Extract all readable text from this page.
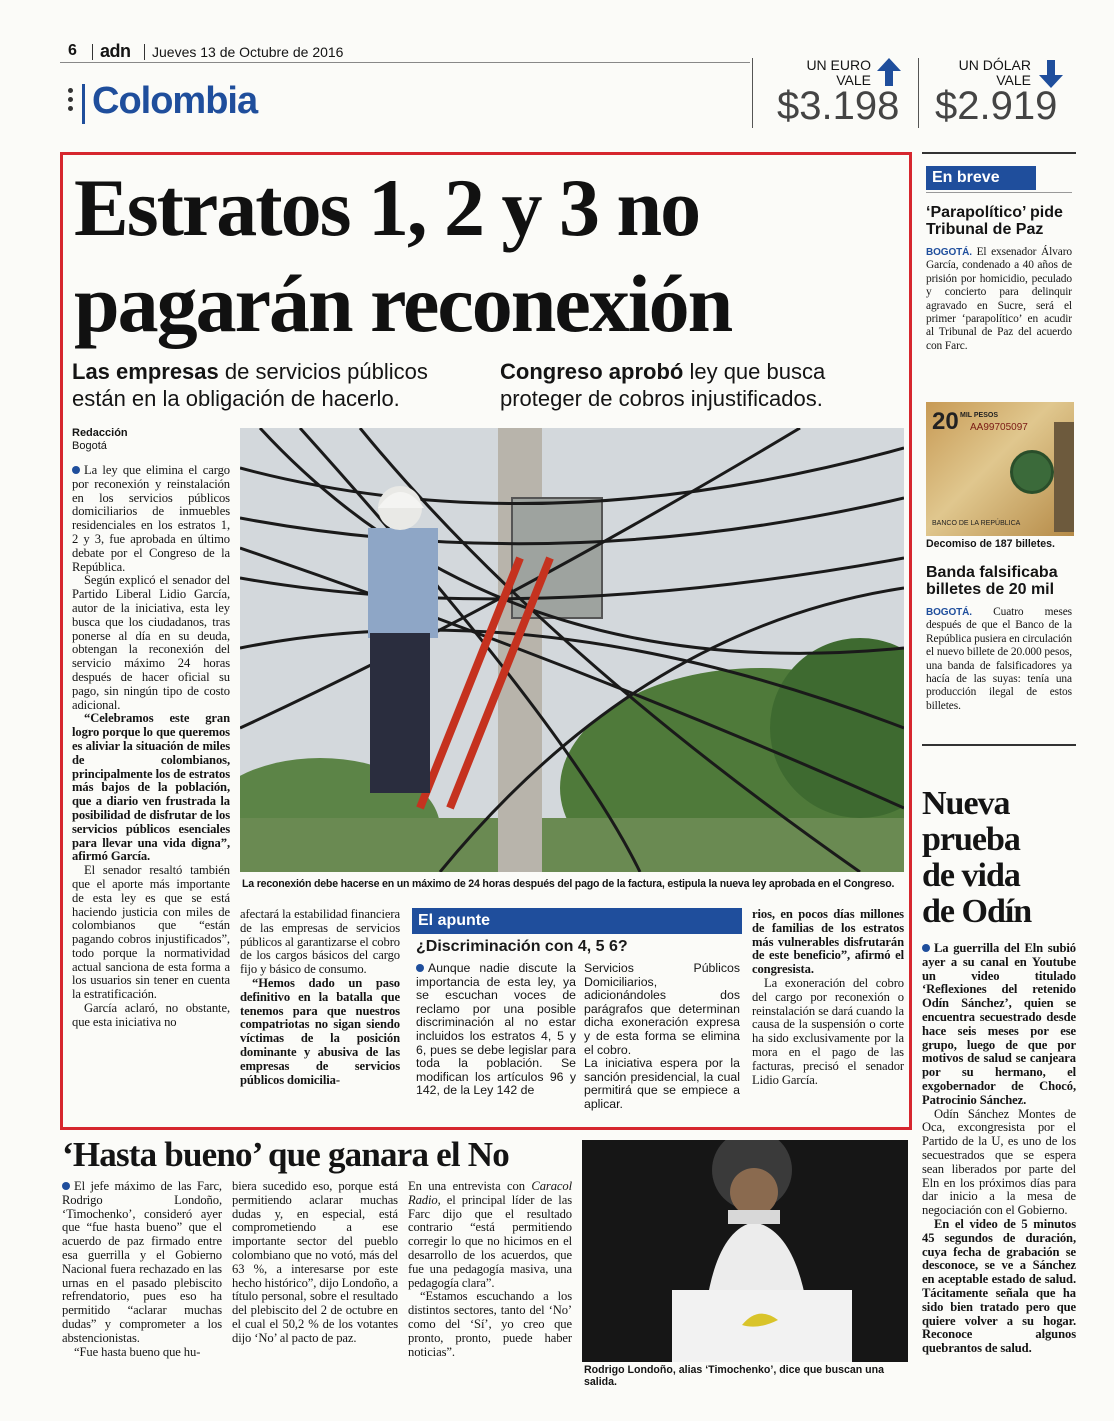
6 adn Jueves 13 de Octubre de 2016
Colombia
UN EURO
VALE
$3.198
UN DÓLAR
VALE
$2.919
Estratos 1, 2 y 3 no
pagarán reconexión
Las empresas de servicios públicos están en la obligación de hacerlo.
Congreso aprobó ley que busca proteger de cobros injustificados.
Redacción
Bogotá

La ley que elimina el cargo por reconexión y reinstalación en los servicios públicos domiciliarios de inmuebles residenciales en los estratos 1, 2 y 3, fue aprobada en último debate por el Congreso de la República.

Según explicó el senador del Partido Liberal Lidio García, autor de la iniciativa, esta ley busca que los ciudadanos, tras ponerse al día en su deuda, obtengan la reconexión del servicio máximo 24 horas después de hacer oficial su pago, sin ningún tipo de costo adicional.

“Celebramos este gran logro porque lo que queremos es aliviar la situación de miles de colombianos, principalmente los de estratos más bajos de la población, que a diario ven frustrada la posibilidad de disfrutar de los servicios públicos esenciales para llevar una vida digna”, afirmó García.

El senador resaltó también que el aporte más importante de esta ley es que se está haciendo justicia con miles de colombianos que “están pagando cobros injustificados”, todo porque la normatividad actual sanciona de esta forma a los usuarios sin tener en cuenta la estratificación.

García aclaró, no obstante, que esta iniciativa no

La reconexión debe hacerse en un máximo de 24 horas después del pago de la factura, estipula la nueva ley aprobada en el Congreso.

afectará la estabilidad financiera de las empresas de servicios públicos al garantizarse el cobro de los cargos básicos del cargo fijo y básico de consumo.

“Hemos dado un paso definitivo en la batalla que tenemos para que nuestros compatriotas no sigan siendo víctimas de la posición dominante y abusiva de las empresas de servicios públicos domicilia-

El apunte
¿Discriminación con 4, 5 6?
Aunque nadie discute la importancia de esta ley, ya se escuchan voces de reclamo por una posible discriminación al no estar incluidos los estratos 4, 5 y 6, pues se debe legislar para toda la población. Se modifican los artículos 96 y 142, de la Ley 142 de
Servicios Públicos Domiciliarios, adicionándoles dos parágrafos que determinan dicha exoneración expresa y de esta forma se elimina el cobro.
La iniciativa espera por la sanción presidencial, la cual permitirá que se empiece a aplicar.

rios, en pocos días millones de familias de los estratos más vulnerables disfrutarán de este beneficio”, afirmó el congresista.

La exoneración del cobro del cargo por reconexión o reinstalación se dará cuando la causa de la suspensión o corte ha sido exclusivamente por la mora en el pago de las facturas, precisó el senador Lidio García.

En breve
‘Parapolítico’ pide Tribunal de Paz
BOGOTÁ. El exsenador Álvaro García, condenado a 40 años de prisión por homicidio, peculado y concierto para delinquir agravado en Sucre, será el primer ‘parapolítico’ en acudir al Tribunal de Paz del acuerdo con Farc.
20 MIL PESOS
AA99705097
BANCO DE LA REPÚBLICA
Decomiso de 187 billetes.
Banda falsificaba billetes de 20 mil
BOGOTÁ. Cuatro meses después de que el Banco de la República pusiera en circulación el nuevo billete de 20.000 pesos, una banda de falsificadores ya hacía de las suyas: tenía una producción ilegal de estos billetes.
Nueva
prueba
de vida
de Odín

La guerrilla del Eln subió ayer a su canal en Youtube un video titulado ‘Reflexiones del retenido Odín Sánchez’, quien se encuentra secuestrado desde hace seis meses por ese grupo, luego de que por motivos de salud se canjeara por su hermano, el exgobernador de Chocó, Patrocinio Sánchez.

Odín Sánchez Montes de Oca, excongresista por el Partido de la U, es uno de los secuestrados que se espera sean liberados por parte del Eln en los próximos días para dar inicio a la mesa de negociación con el Gobierno.

En el video de 5 minutos 45 segundos de duración, cuya fecha de grabación se desconoce, se ve a Sánchez en aceptable estado de salud. Tácitamente señala que ha sido bien tratado pero que quiere volver a su hogar. Reconoce algunos quebrantos de salud.

‘Hasta bueno’ que ganara el No

El jefe máximo de las Farc, Rodrigo Londoño, ‘Timochenko’, consideró ayer que “fue hasta bueno” que el acuerdo de paz firmado entre esa guerrilla y el Gobierno Nacional fuera rechazado en las urnas en el pasado plebiscito refrendatorio, pues eso ha permitido “aclarar muchas dudas” y comprometer a los abstencionistas.

“Fue hasta bueno que hu-

biera sucedido eso, porque está permitiendo aclarar muchas dudas y, en especial, está comprometiendo a ese importante sector del pueblo colombiano que no votó, más del 63 %, a interesarse por este hecho histórico”, dijo Londoño, a título personal, sobre el resultado del plebiscito del 2 de octubre en el cual el 50,2 % de los votantes dijo ‘No’ al pacto de paz.

En una entrevista con Caracol Radio, el principal líder de las Farc dijo que el resultado contrario “está permitiendo corregir lo que no hicimos en el desarrollo de los acuerdos, que fue una pedagogía masiva, una pedagogía clara”.

“Estamos escuchando a los distintos sectores, tanto del ‘No’ como del ‘Sí’, yo creo que pronto, pronto, puede haber noticias”.

Rodrigo Londoño, alias ‘Timochenko’, dice que buscan una salida.
